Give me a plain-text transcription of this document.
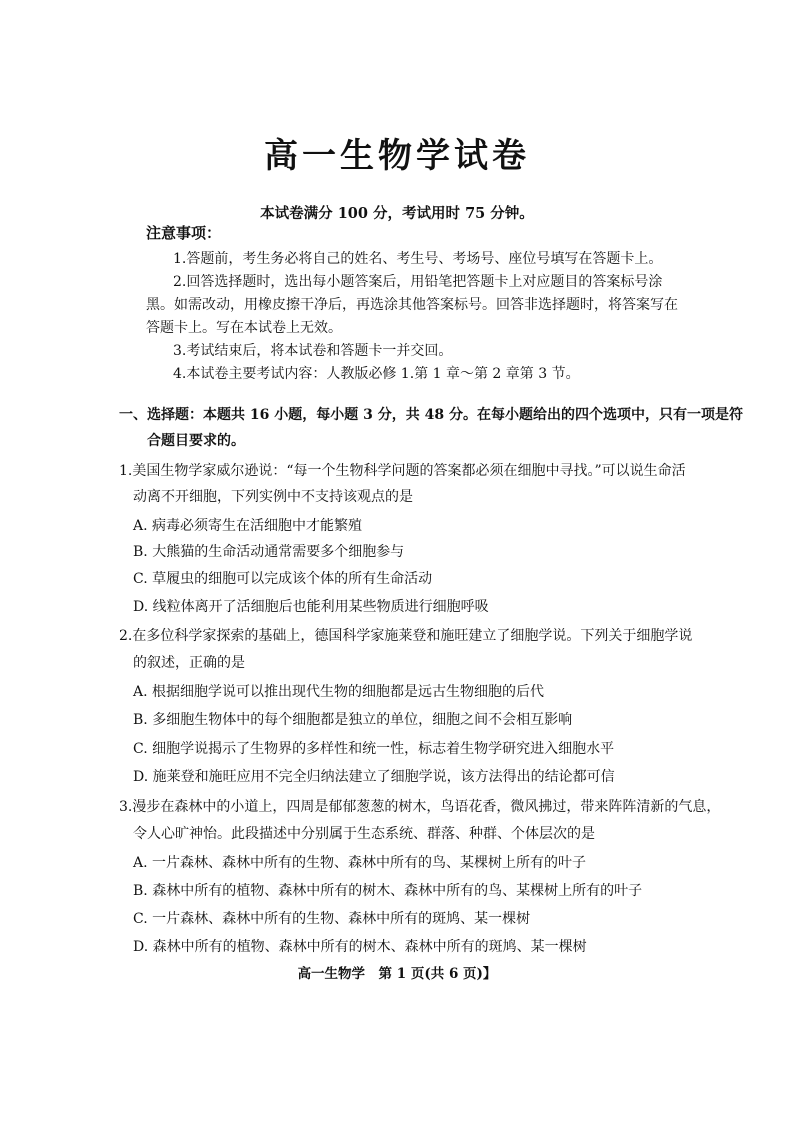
高一生物学试卷
本试卷满分 100 分，考试用时 75 分钟。
注意事项：
1.答题前，考生务必将自己的姓名、考生号、考场号、座位号填写在答题卡上。
2.回答选择题时，选出每小题答案后，用铅笔把答题卡上对应题目的答案标号涂
黑。如需改动，用橡皮擦干净后，再选涂其他答案标号。回答非选择题时，将答案写在
答题卡上。写在本试卷上无效。
3.考试结束后，将本试卷和答题卡一并交回。
4.本试卷主要考试内容：人教版必修 1.第 1 章～第 2 章第 3 节。
一、选择题：本题共 16 小题，每小题 3 分，共 48 分。在每小题给出的四个选项中，只有一项是符
合题目要求的。
1.美国生物学家威尔逊说：“每一个生物科学问题的答案都必须在细胞中寻找。”可以说生命活
动离不开细胞，下列实例中不支持该观点的是
A. 病毒必须寄生在活细胞中才能繁殖
B. 大熊猫的生命活动通常需要多个细胞参与
C. 草履虫的细胞可以完成该个体的所有生命活动
D. 线粒体离开了活细胞后也能利用某些物质进行细胞呼吸
2.在多位科学家探索的基础上，德国科学家施莱登和施旺建立了细胞学说。下列关于细胞学说
的叙述，正确的是
A. 根据细胞学说可以推出现代生物的细胞都是远古生物细胞的后代
B. 多细胞生物体中的每个细胞都是独立的单位，细胞之间不会相互影响
C. 细胞学说揭示了生物界的多样性和统一性，标志着生物学研究进入细胞水平
D. 施莱登和施旺应用不完全归纳法建立了细胞学说，该方法得出的结论都可信
3.漫步在森林中的小道上，四周是郁郁葱葱的树木，鸟语花香，微风拂过，带来阵阵清新的气息，
令人心旷神怡。此段描述中分别属于生态系统、群落、种群、个体层次的是
A. 一片森林、森林中所有的生物、森林中所有的鸟、某棵树上所有的叶子
B. 森林中所有的植物、森林中所有的树木、森林中所有的鸟、某棵树上所有的叶子
C. 一片森林、森林中所有的生物、森林中所有的斑鸠、某一棵树
D. 森林中所有的植物、森林中所有的树木、森林中所有的斑鸠、某一棵树
高一生物学　第 1 页(共 6 页)】
